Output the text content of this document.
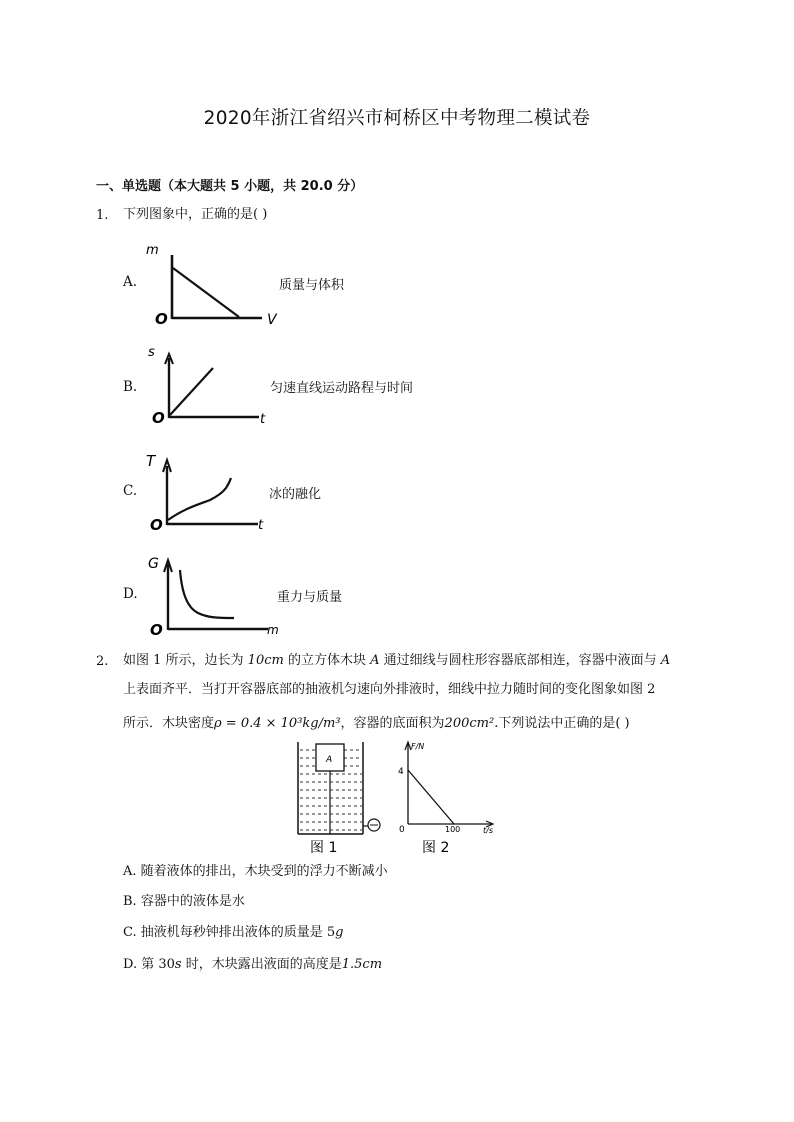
2020年浙江省绍兴市柯桥区中考物理二模试卷
一、单选题（本大题共 5 小题，共 20.0 分）
1. 下列图象中，正确的是( )
A.
m
O	V
质量与体积
B.
s
O	t
匀速直线运动路程与时间
C.
T
O	t
冰的融化
D.
G
O	m
重力与质量
2. 如图 1 所示，边长为 10cm 的立方体木块 A 通过细线与圆柱形容器底部相连，容器中液面与 A
上表面齐平．当打开容器底部的抽液机匀速向外排液时，细线中拉力随时间的变化图象如图 2
所示．木块密度ρ = 0.4 × 10³kg/m³，容器的底面积为200cm².下列说法中正确的是( )
A
图 1
F/N
4
0	100	t/s
图 2
A. 随着液体的排出，木块受到的浮力不断减小
B. 容器中的液体是水
C. 抽液机每秒钟排出液体的质量是 5g
D. 第 30s 时，木块露出液面的高度是1.5cm
